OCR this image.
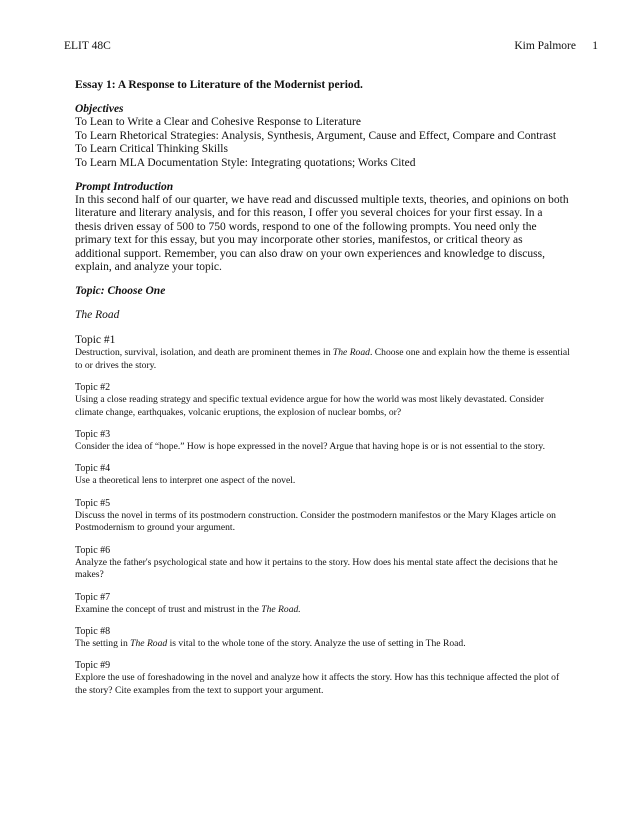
ELIT 48C	Kim Palmore 1

Essay 1: A Response to Literature of the Modernist period.

Objectives

To Lean to Write a Clear and Cohesive Response to Literature

To Learn Rhetorical Strategies: Analysis, Synthesis, Argument, Cause and Effect, Compare and Contrast

To Learn Critical Thinking Skills

To Learn MLA Documentation Style: Integrating quotations; Works Cited

Prompt Introduction

In this second half of our quarter, we have read and discussed multiple texts, theories, and opinions on both literature and literary analysis, and for this reason, I offer you several choices for your first essay. In a thesis driven essay of 500 to 750 words, respond to one of the following prompts. You need only the primary text for this essay, but you may incorporate other stories, manifestos, or critical theory as additional support. Remember, you can also draw on your own experiences and knowledge to discuss, explain, and analyze your topic.

Topic: Choose One

The Road

Topic #1

Destruction, survival, isolation, and death are prominent themes in The Road. Choose one and explain how the theme is essential to or drives the story.

Topic #2

Using a close reading strategy and specific textual evidence argue for how the world was most likely devastated. Consider climate change, earthquakes, volcanic eruptions, the explosion of nuclear bombs, or?

Topic #3

Consider the idea of “hope.” How is hope expressed in the novel? Argue that having hope is or is not essential to the story.

Topic #4

Use a theoretical lens to interpret one aspect of the novel.

Topic #5

Discuss the novel in terms of its postmodern construction. Consider the postmodern manifestos or the Mary Klages article on Postmodernism to ground your argument.

Topic #6

Analyze the father's psychological state and how it pertains to the story. How does his mental state affect the decisions that he makes?

Topic #7

Examine the concept of trust and mistrust in the The Road.

Topic #8

The setting in The Road is vital to the whole tone of the story. Analyze the use of setting in The Road.

Topic #9

Explore the use of foreshadowing in the novel and analyze how it affects the story. How has this technique affected the plot of the story? Cite examples from the text to support your argument.
